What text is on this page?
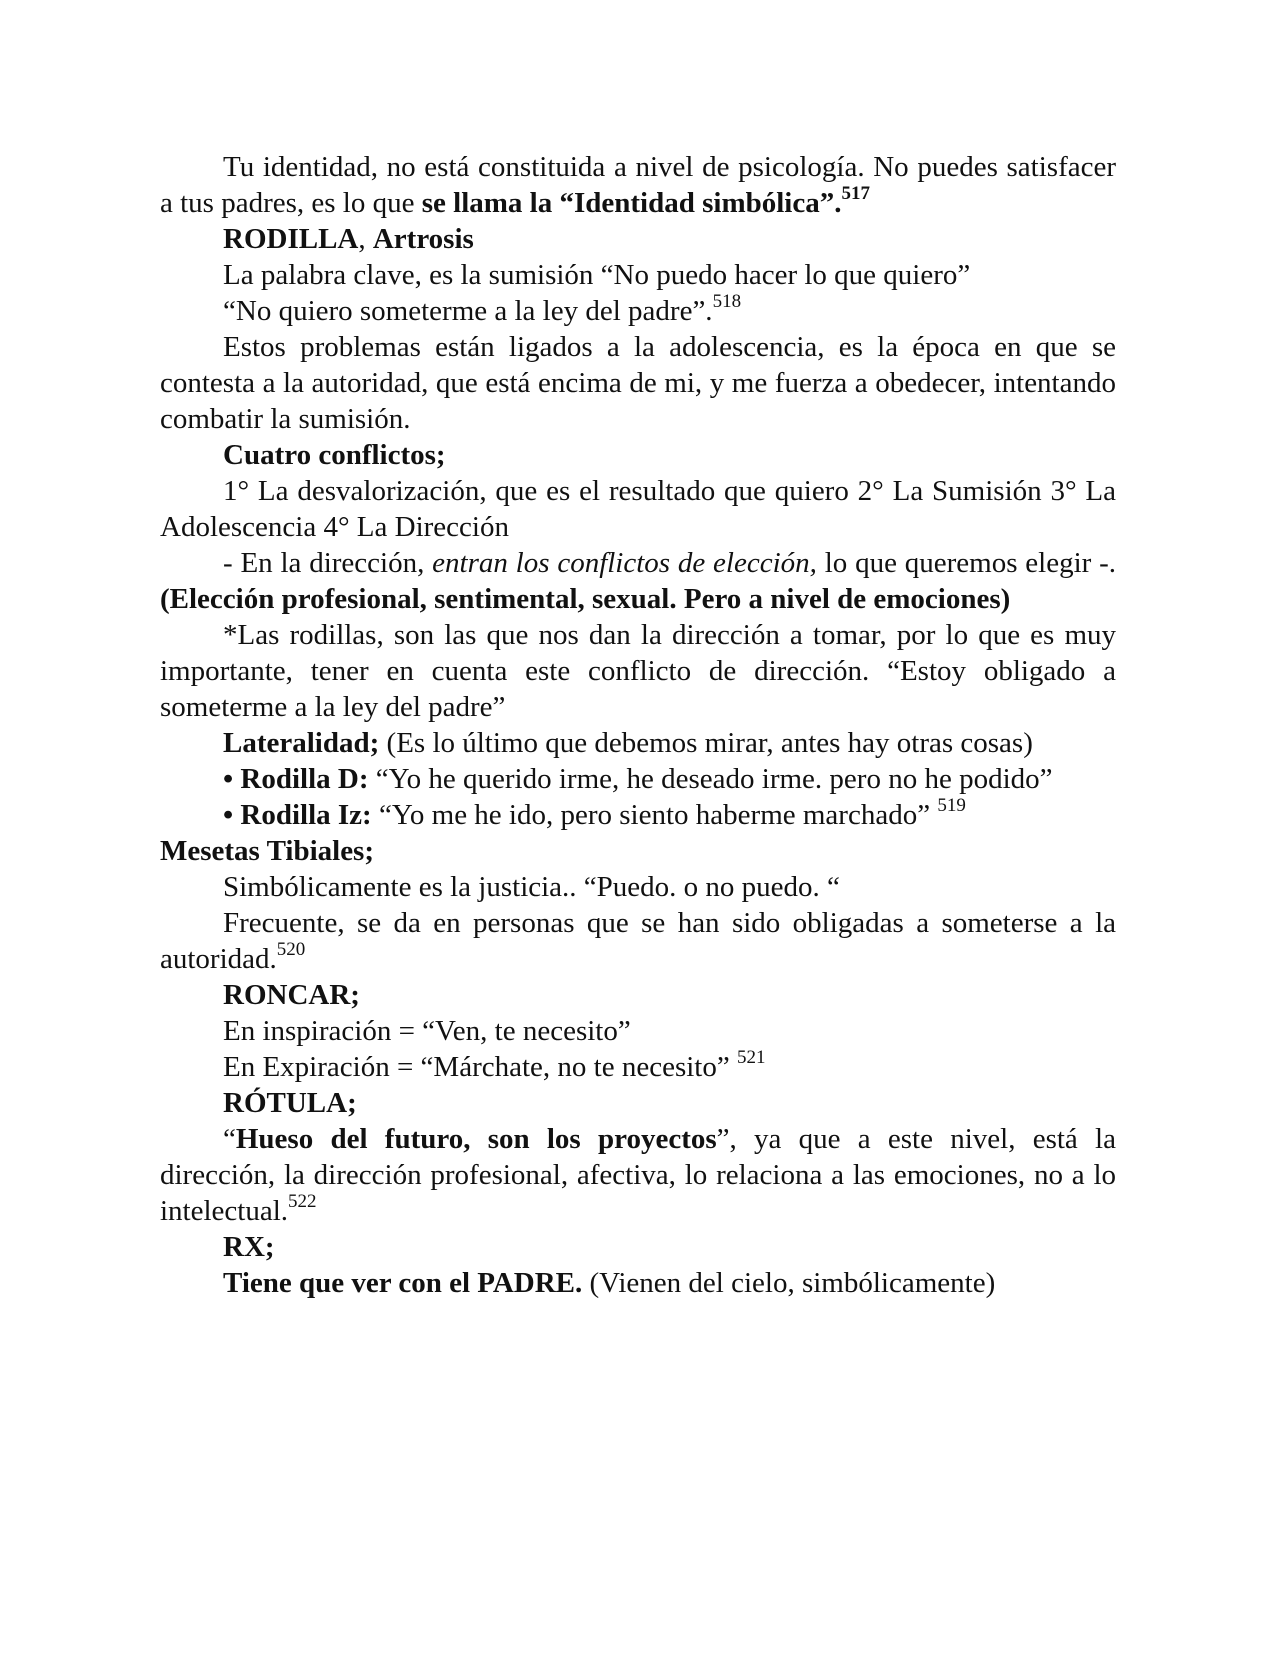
Tu identidad, no está constituida a nivel de psicología. No puedes satisfacer a tus padres, es lo que se llama la “Identidad simbólica”.$^{517}$

RODILLA, Artrosis

La palabra clave, es la sumisión “No puedo hacer lo que quiero”

“No quiero someterme a la ley del padre”.$^{518}$

Estos problemas están ligados a la adolescencia, es la época en que se contesta a la autoridad, que está encima de mi, y me fuerza a obedecer, intentando combatir la sumisión.

Cuatro conflictos;

1° La desvalorización, que es el resultado que quiero 2° La Sumisión 3° La Adolescencia 4° La Dirección

- En la dirección, entran los conflictos de elección, lo que queremos elegir -. (Elección profesional, sentimental, sexual. Pero a nivel de emociones)

*Las rodillas, son las que nos dan la dirección a tomar, por lo que es muy importante, tener en cuenta este conflicto de dirección. “Estoy obligado a someterme a la ley del padre”

Lateralidad; (Es lo último que debemos mirar, antes hay otras cosas)

• Rodilla D: “Yo he querido irme, he deseado irme. pero no he podido”

• Rodilla Iz: “Yo me he ido, pero siento haberme marchado” $^{519}$

Mesetas Tibiales;

Simbólicamente es la justicia.. “Puedo. o no puedo. “

Frecuente, se da en personas que se han sido obligadas a someterse a la autoridad.$^{520}$

RONCAR;

En inspiración = “Ven, te necesito”

En Expiración = “Márchate, no te necesito” $^{521}$

RÓTULA;

“Hueso del futuro, son los proyectos”, ya que a este nivel, está la dirección, la dirección profesional, afectiva, lo relaciona a las emociones, no a lo intelectual.$^{522}$

RX;

Tiene que ver con el PADRE. (Vienen del cielo, simbólicamente)
